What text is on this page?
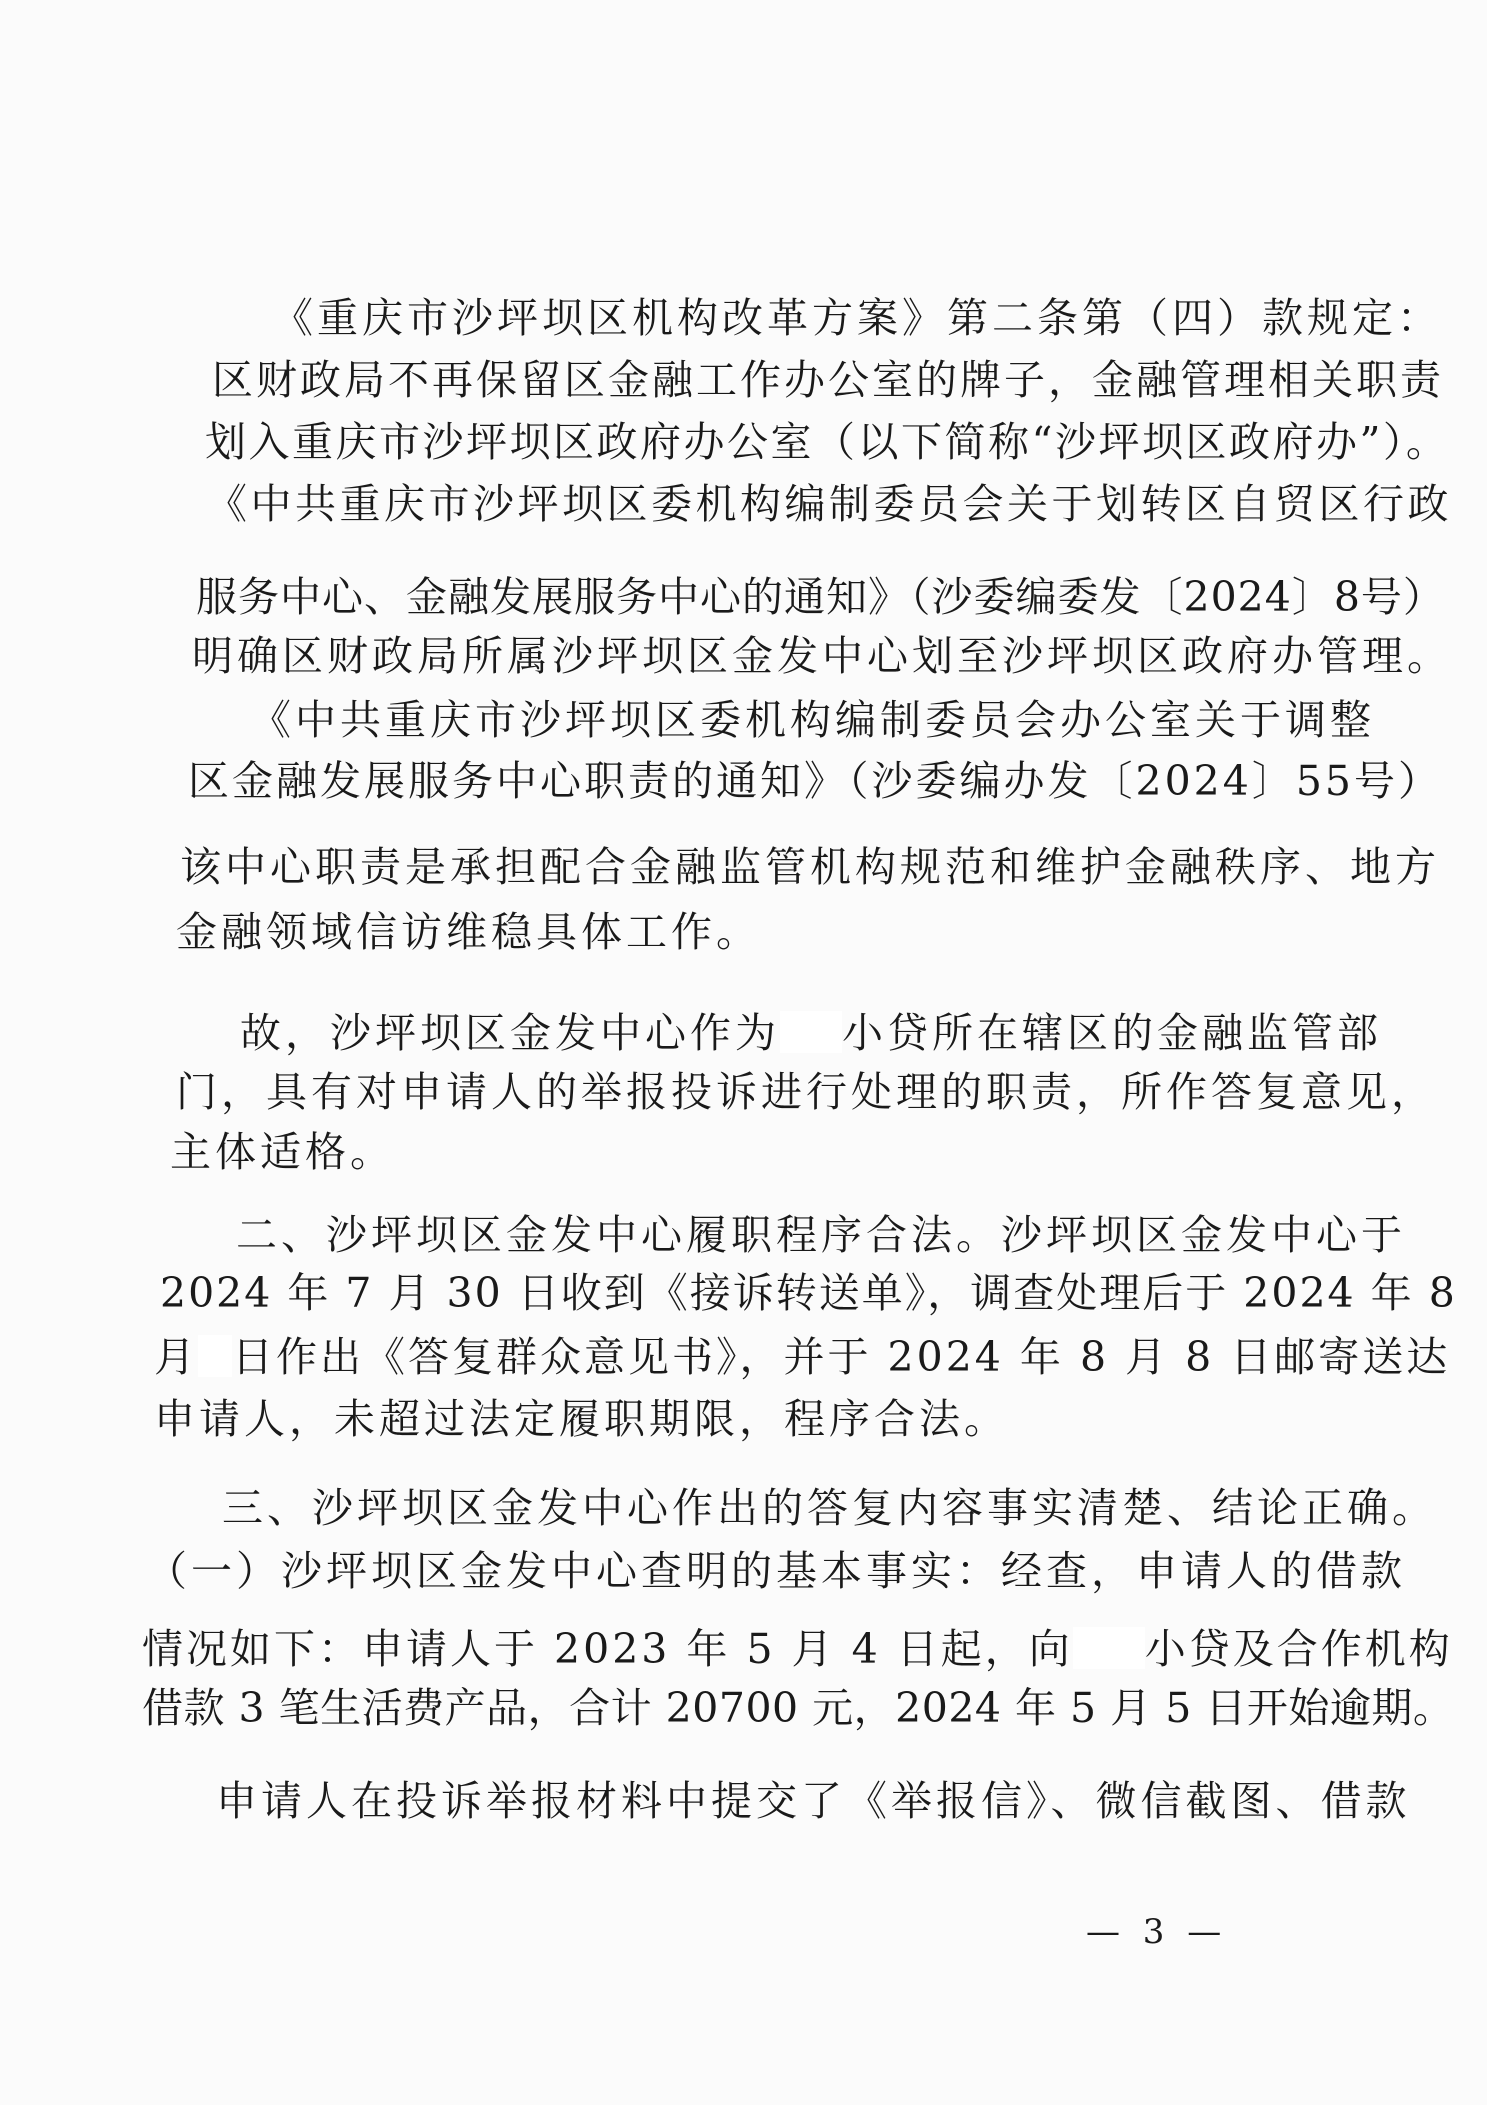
《重庆市沙坪坝区机构改革方案》第二条第（四）款规定：
区财政局不再保留区金融工作办公室的牌子，金融管理相关职责
划入重庆市沙坪坝区政府办公室（以下简称“沙坪坝区政府办”）。
《中共重庆市沙坪坝区委机构编制委员会关于划转区自贸区行政
服务中心、金融发展服务中心的通知》（沙委编委发〔2024〕8号）
明确区财政局所属沙坪坝区金发中心划至沙坪坝区政府办管理。
《中共重庆市沙坪坝区委机构编制委员会办公室关于调整
区金融发展服务中心职责的通知》（沙委编办发〔2024〕55号）
该中心职责是承担配合金融监管机构规范和维护金融秩序、地方
金融领域信访维稳具体工作。
故，沙坪坝区金发中心作为 小贷所在辖区的金融监管部
门，具有对申请人的举报投诉进行处理的职责，所作答复意见，
主体适格。
二、沙坪坝区金发中心履职程序合法。沙坪坝区金发中心于
2024 年 7 月 30 日收到《接诉转送单》，调查处理后于 2024 年 8
月 日作出《答复群众意见书》，并于 2024 年 8 月 8 日邮寄送达
申请人，未超过法定履职期限，程序合法。
三、沙坪坝区金发中心作出的答复内容事实清楚、结论正确。
（一）沙坪坝区金发中心查明的基本事实：经查，申请人的借款
情况如下：申请人于 2023 年 5 月 4 日起，向 小贷及合作机构
借款 3 笔生活费产品，合计 20700 元，2024 年 5 月 5 日开始逾期。
申请人在投诉举报材料中提交了《举报信》、微信截图、借款
— 3 —
